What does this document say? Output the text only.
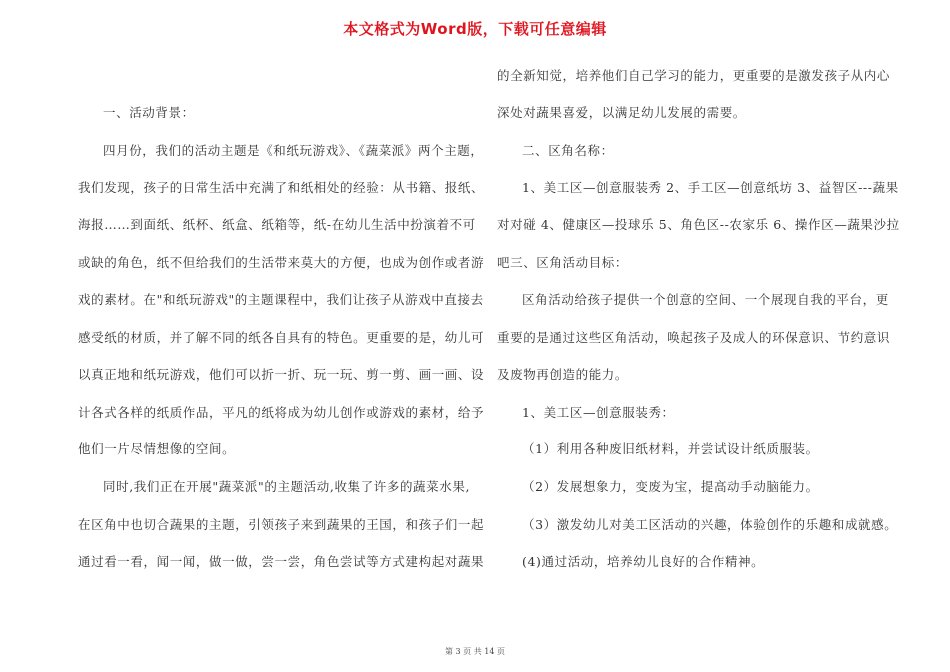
本文格式为Word版，下载可任意编辑
一、活动背景：
四月份，我们的活动主题是《和纸玩游戏》、《蔬菜派》两个主题，
我们发现，孩子的日常生活中充满了和纸相处的经验：从书籍、报纸、
海报……到面纸、纸杯、纸盒、纸箱等，纸-在幼儿生活中扮演着不可
或缺的角色，纸不但给我们的生活带来莫大的方便，也成为创作或者游
戏的素材。在"和纸玩游戏"的主题课程中，我们让孩子从游戏中直接去
感受纸的材质，并了解不同的纸各自具有的特色。更重要的是，幼儿可
以真正地和纸玩游戏，他们可以折一折、玩一玩、剪一剪、画一画、设
计各式各样的纸质作品，平凡的纸将成为幼儿创作或游戏的素材，给予
他们一片尽情想像的空间。
同时,我们正在开展"蔬菜派"的主题活动,收集了许多的蔬菜水果,
在区角中也切合蔬果的主题，引领孩子来到蔬果的王国，和孩子们一起
通过看一看，闻一闻，做一做，尝一尝，角色尝试等方式建构起对蔬果
的全新知觉，培养他们自己学习的能力，更重要的是激发孩子从内心
深处对蔬果喜爱，以满足幼儿发展的需要。
二、区角名称：
1、美工区—创意服装秀 2、手工区—创意纸坊 3、益智区---蔬果
对对碰 4、健康区—投球乐 5、角色区--农家乐 6、操作区—蔬果沙拉
吧三、区角活动目标：
区角活动给孩子提供一个创意的空间、一个展现自我的平台，更
重要的是通过这些区角活动，唤起孩子及成人的环保意识、节约意识
及废物再创造的能力。
1、美工区—创意服装秀：
（1）利用各种废旧纸材料，并尝试设计纸质服装。
（2）发展想象力，变废为宝，提高动手动脑能力。
（3）激发幼儿对美工区活动的兴趣，体验创作的乐趣和成就感。
(4)通过活动，培养幼儿良好的合作精神。
第 3 页 共 14 页
